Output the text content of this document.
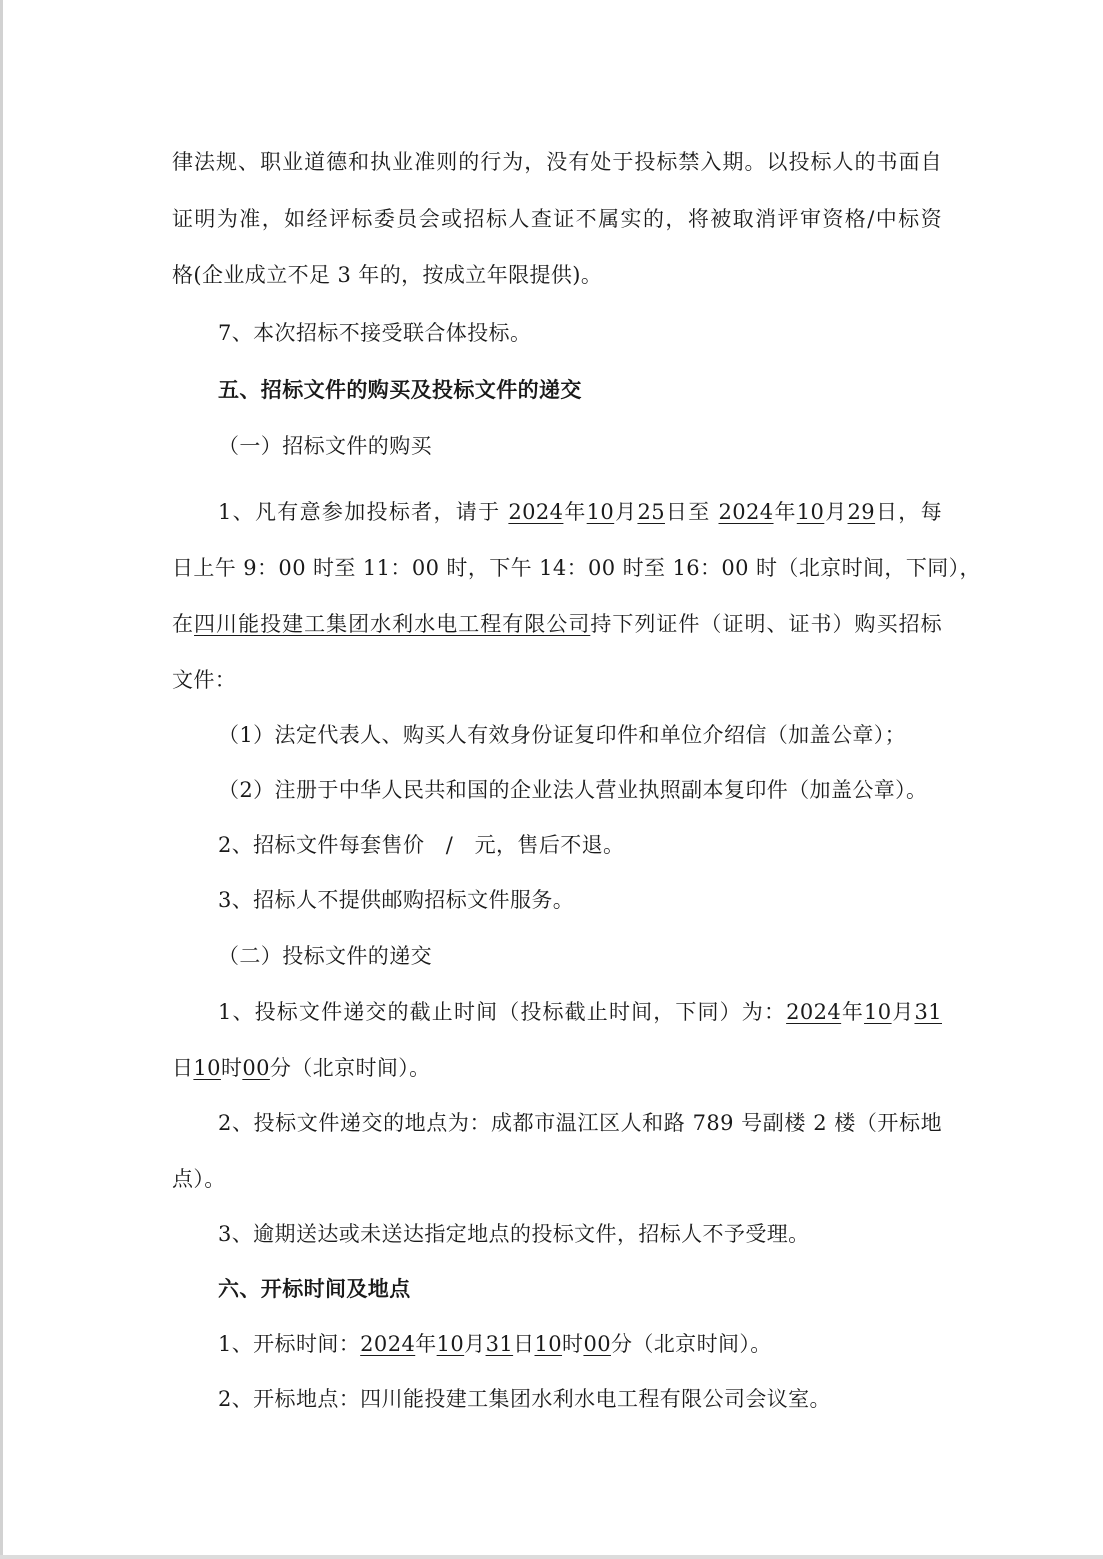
律法规、职业道德和执业准则的行为，没有处于投标禁入期。以投标人的书面自
证明为准，如经评标委员会或招标人查证不属实的，将被取消评审资格/中标资
格(企业成立不足 3 年的，按成立年限提供)。
7、本次招标不接受联合体投标。
五、招标文件的购买及投标文件的递交
（一）招标文件的购买
1、凡有意参加投标者，请于 2024年10月25日至 2024年10月29日，每
日上午 9：00 时至 11：00 时，下午 14：00 时至 16：00 时（北京时间，下同），
在四川能投建工集团水利水电工程有限公司持下列证件（证明、证书）购买招标
文件：
（1）法定代表人、购买人有效身份证复印件和单位介绍信（加盖公章）；
（2）注册于中华人民共和国的企业法人营业执照副本复印件（加盖公章）。
2、招标文件每套售价　/　元，售后不退。
3、招标人不提供邮购招标文件服务。
（二）投标文件的递交
1、投标文件递交的截止时间（投标截止时间，下同）为：2024年10月31
日10时00分（北京时间）。
2、投标文件递交的地点为：成都市温江区人和路 789 号副楼 2 楼（开标地
点）。
3、逾期送达或未送达指定地点的投标文件，招标人不予受理。
六、开标时间及地点
1、开标时间：2024年10月31日10时00分（北京时间）。
2、开标地点：四川能投建工集团水利水电工程有限公司会议室。
